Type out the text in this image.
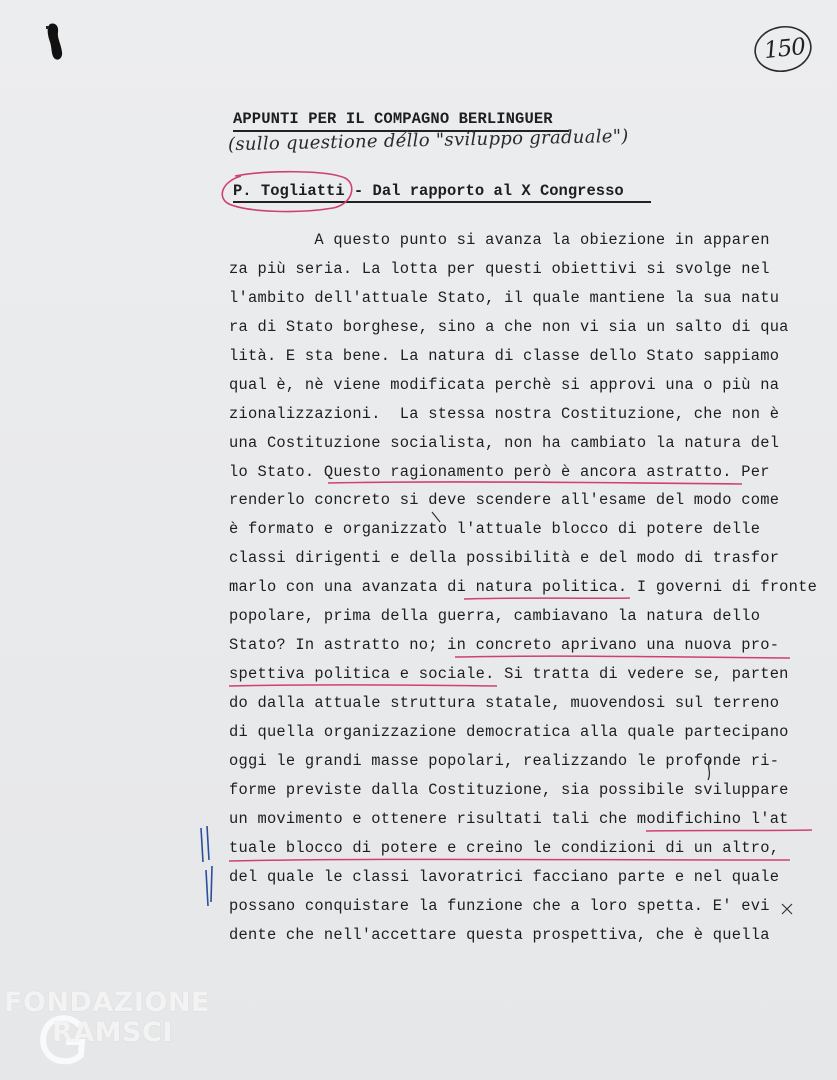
150
APPUNTI PER IL COMPAGNO BERLINGUER
(sullo questione dello "sviluppo graduale")
P. Togliatti - Dal rapporto al X Congresso
A questo punto si avanza la obiezione in apparen
za più seria. La lotta per questi obiettivi si svolge nel
l'ambito dell'attuale Stato, il quale mantiene la sua natu
ra di Stato borghese, sino a che non vi sia un salto di qua
lità. E sta bene. La natura di classe dello Stato sappiamo
qual è, nè viene modificata perchè si approvi una o più na
zionalizzazioni.  La stessa nostra Costituzione, che non è
una Costituzione socialista, non ha cambiato la natura del
lo Stato. Questo ragionamento però è ancora astratto. Per
renderlo concreto si deve scendere all'esame del modo come
è formato e organizzato l'attuale blocco di potere delle
classi dirigenti e della possibilità e del modo di trasfor
marlo con una avanzata di natura politica. I governi di fronte
popolare, prima della guerra, cambiavano la natura dello
Stato? In astratto no; in concreto aprivano una nuova pro-
spettiva politica e sociale. Si tratta di vedere se, parten
do dalla attuale struttura statale, muovendosi sul terreno
di quella organizzazione democratica alla quale partecipano
oggi le grandi masse popolari, realizzando le profonde ri-
forme previste dalla Costituzione, sia possibile sviluppare
un movimento e ottenere risultati tali che modifichino l'at
tuale blocco di potere e creino le condizioni di un altro,
del quale le classi lavoratrici facciano parte e nel quale
possano conquistare la funzione che a loro spetta. E' evi
dente che nell'accettare questa prospettiva, che è quella
FONDAZIONE
RAMSCI
